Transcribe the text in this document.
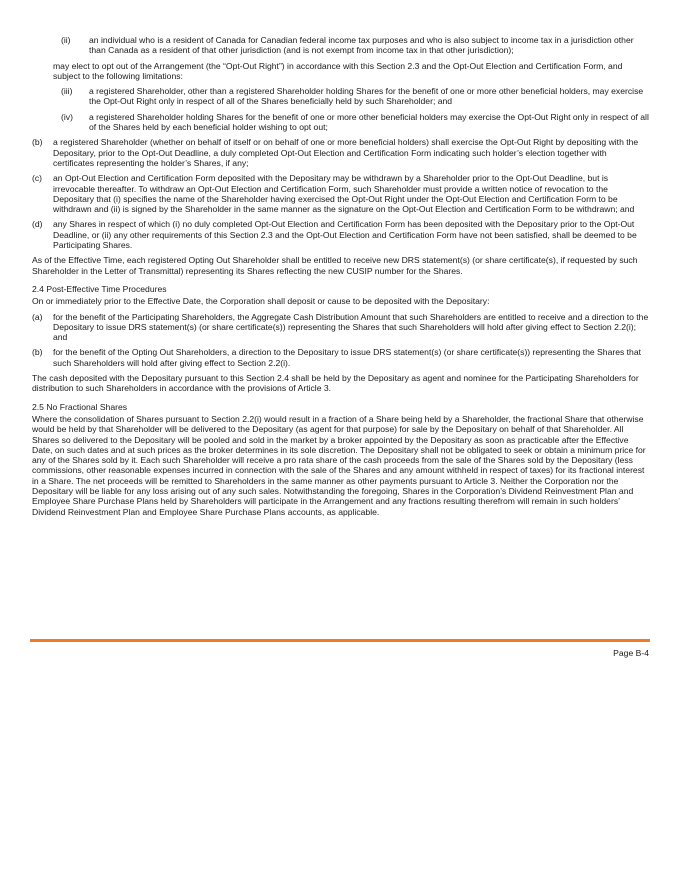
(ii)	an individual who is a resident of Canada for Canadian federal income tax purposes and who is also subject to income tax in a jurisdiction other than Canada as a resident of that other jurisdiction (and is not exempt from income tax in that other jurisdiction);
may elect to opt out of the Arrangement (the “Opt-Out Right”) in accordance with this Section 2.3 and the Opt-Out Election and Certification Form, and subject to the following limitations:
(iii)	a registered Shareholder, other than a registered Shareholder holding Shares for the benefit of one or more other beneficial holders, may exercise the Opt-Out Right only in respect of all of the Shares beneficially held by such Shareholder; and
(iv)	a registered Shareholder holding Shares for the benefit of one or more other beneficial holders may exercise the Opt-Out Right only in respect of all of the Shares held by each beneficial holder wishing to opt out;
(b)	a registered Shareholder (whether on behalf of itself or on behalf of one or more beneficial holders) shall exercise the Opt-Out Right by depositing with the Depositary, prior to the Opt-Out Deadline, a duly completed Opt-Out Election and Certification Form indicating such holder’s election together with certificates representing the holder’s Shares, if any;
(c)	an Opt-Out Election and Certification Form deposited with the Depositary may be withdrawn by a Shareholder prior to the Opt-Out Deadline, but is irrevocable thereafter. To withdraw an Opt-Out Election and Certification Form, such Shareholder must provide a written notice of revocation to the Depositary that (i) specifies the name of the Shareholder having exercised the Opt-Out Right under the Opt-Out Election and Certification Form to be withdrawn and (ii) is signed by the Shareholder in the same manner as the signature on the Opt-Out Election and Certification Form to be withdrawn; and
(d)	any Shares in respect of which (i) no duly completed Opt-Out Election and Certification Form has been deposited with the Depositary prior to the Opt-Out Deadline, or (ii) any other requirements of this Section 2.3 and the Opt-Out Election and Certification Form have not been satisfied, shall be deemed to be Participating Shares.

As of the Effective Time, each registered Opting Out Shareholder shall be entitled to receive new DRS statement(s) (or share certificate(s), if requested by such Shareholder in the Letter of Transmittal) representing its Shares reflecting the new CUSIP number for the Shares.

2.4 Post-Effective Time Procedures

On or immediately prior to the Effective Date, the Corporation shall deposit or cause to be deposited with the Depositary:

(a)	for the benefit of the Participating Shareholders, the Aggregate Cash Distribution Amount that such Shareholders are entitled to receive and a direction to the Depositary to issue DRS statement(s) (or share certificate(s)) representing the Shares that such Shareholders will hold after giving effect to Section 2.2(i); and
(b)	for the benefit of the Opting Out Shareholders, a direction to the Depositary to issue DRS statement(s) (or share certificate(s)) representing the Shares that such Shareholders will hold after giving effect to Section 2.2(i).

The cash deposited with the Depositary pursuant to this Section 2.4 shall be held by the Depositary as agent and nominee for the Participating Shareholders for distribution to such Shareholders in accordance with the provisions of Article 3.

2.5 No Fractional Shares

Where the consolidation of Shares pursuant to Section 2.2(i) would result in a fraction of a Share being held by a Shareholder, the fractional Share that otherwise would be held by that Shareholder will be delivered to the Depositary (as agent for that purpose) for sale by the Depositary on behalf of that Shareholder. All Shares so delivered to the Depositary will be pooled and sold in the market by a broker appointed by the Depositary as soon as practicable after the Effective Date, on such dates and at such prices as the broker determines in its sole discretion. The Depositary shall not be obligated to seek or obtain a minimum price for any of the Shares sold by it. Each such Shareholder will receive a pro rata share of the cash proceeds from the sale of the Shares sold by the Depositary (less commissions, other reasonable expenses incurred in connection with the sale of the Shares and any amount withheld in respect of taxes) for its fractional interest in a Share. The net proceeds will be remitted to Shareholders in the same manner as other payments pursuant to Article 3. Neither the Corporation nor the Depositary will be liable for any loss arising out of any such sales. Notwithstanding the foregoing, Shares in the Corporation’s Dividend Reinvestment Plan and Employee Share Purchase Plans held by Shareholders will participate in the Arrangement and any fractions resulting therefrom will remain in such holders’ Dividend Reinvestment Plan and Employee Share Purchase Plans accounts, as applicable.

Page B-4
